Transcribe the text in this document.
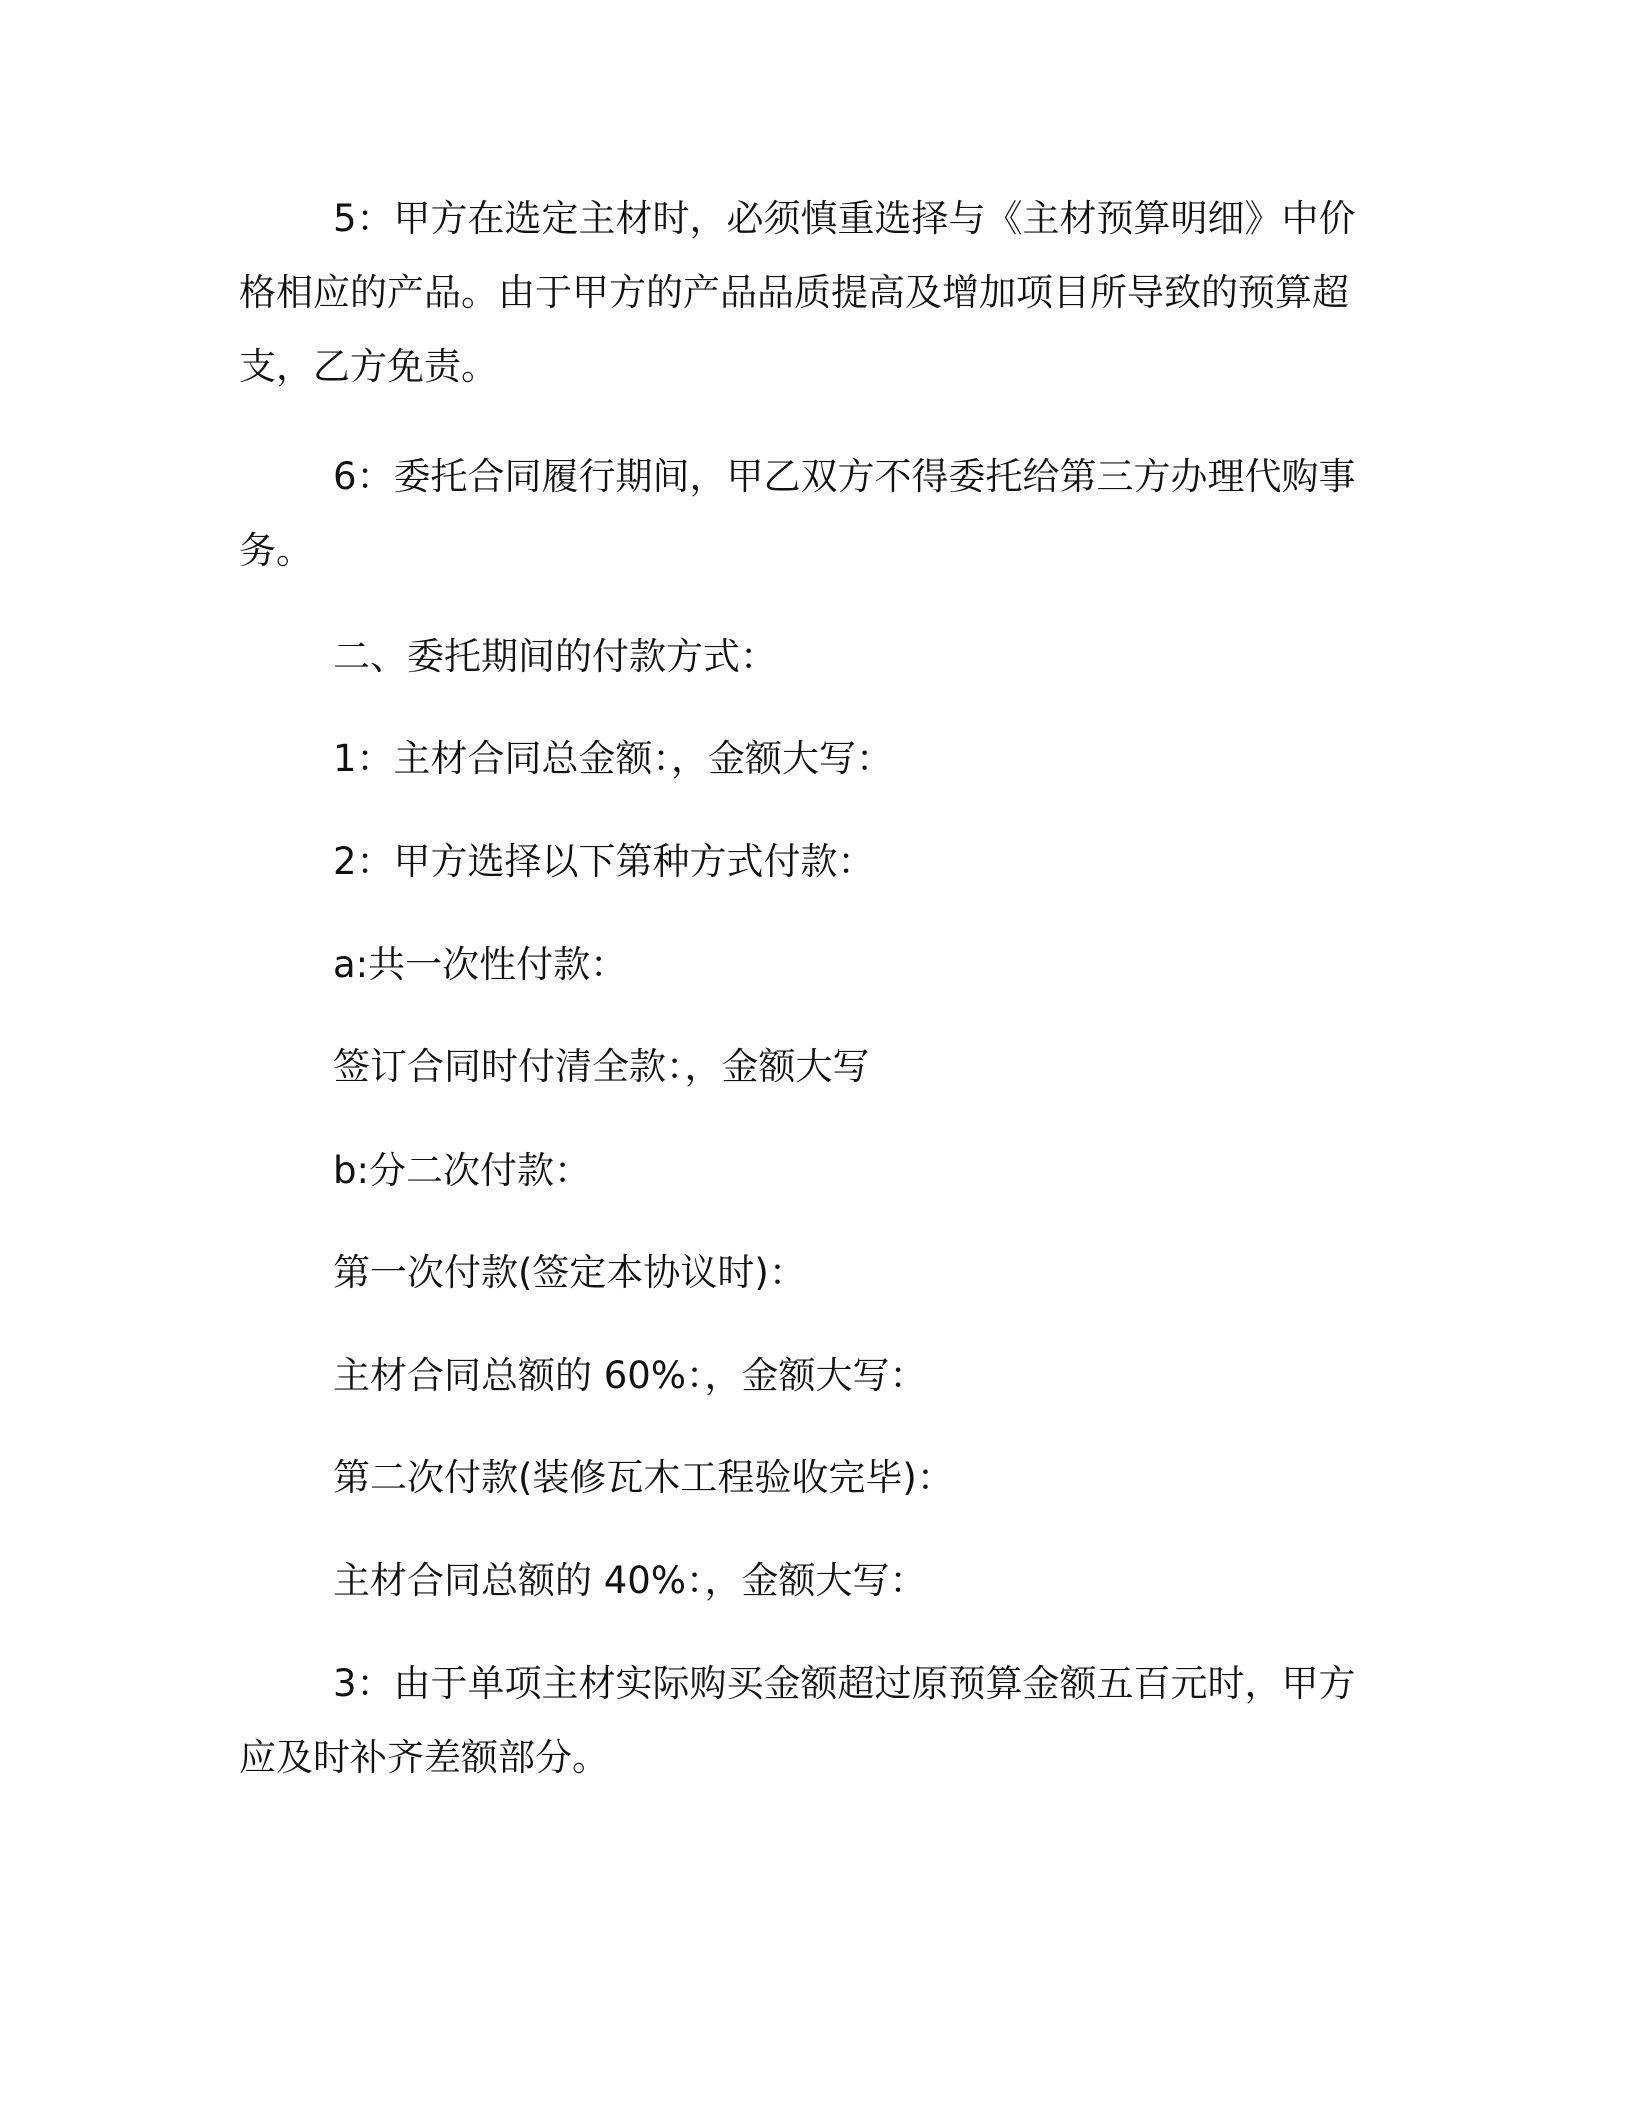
5：甲方在选定主材时，必须慎重选择与《主材预算明细》中价格相应的产品。由于甲方的产品品质提高及增加项目所导致的预算超支，乙方免责。

6：委托合同履行期间，甲乙双方不得委托给第三方办理代购事务。

二、委托期间的付款方式：

1：主材合同总金额：，金额大写：

2：甲方选择以下第种方式付款：

a:共一次性付款：

签订合同时付清全款：，金额大写

b:分二次付款：

第一次付款(签定本协议时)：

主材合同总额的 60%：，金额大写：

第二次付款(装修瓦木工程验收完毕)：

主材合同总额的 40%：，金额大写：

3：由于单项主材实际购买金额超过原预算金额五百元时，甲方应及时补齐差额部分。
